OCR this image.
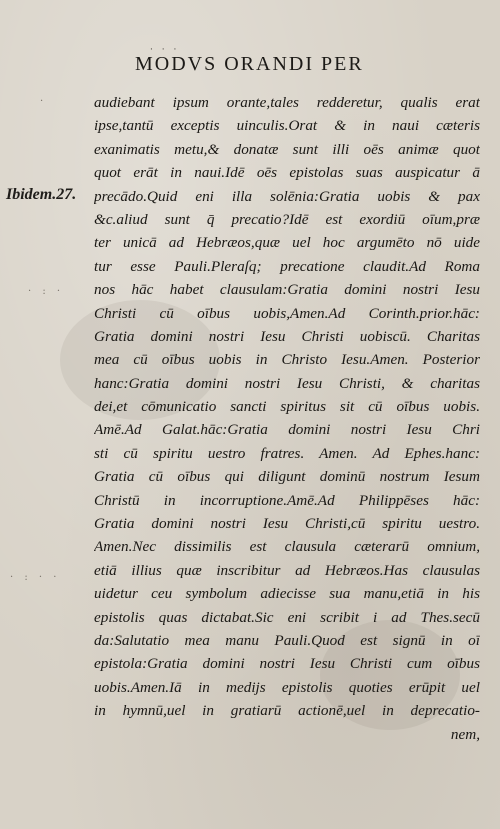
· · ·
· : ·
· : · ·
·
MODVS ORANDI PER
Ibidem.27.
audiebant ipsum orante,tales redderetur, qualis erat
ipse,tantū exceptis uinculis.Orat & in naui cæteris
exanimatis metu,& donatæ sunt illi oēs animæ quot
quot erāt in naui.Idē oēs epistolas suas auspicatur ā
precādo.Quid eni illa solēnia:Gratia uobis & pax
&c.aliud sunt q̄ precatio?Idē est exordiū oīum,præ
ter unicā ad Hebræos,quæ uel hoc argumēto nō uide
tur esse Pauli.Pleraſq; precatione claudit.Ad Roma
nos hāc habet clausulam:Gratia domini nostri Iesu
Christi cū oībus uobis,Amen.Ad Corinth.prior.hāc:
Gratia domini nostri Iesu Christi uobiscū. Charitas
mea cū oībus uobis in Christo Iesu.Amen. Posterior
hanc:Gratia domini nostri Iesu Christi, & charitas
dei,et cōmunicatio sancti spiritus sit cū oībus uobis.
Amē.Ad Galat.hāc:Gratia domini nostri Iesu Chri
sti cū spiritu uestro fratres. Amen. Ad Ephes.hanc:
Gratia cū oībus qui diligunt dominū nostrum Iesum
Christū in incorruptione.Amē.Ad Philippēses hāc:
Gratia domini nostri Iesu Christi,cū spiritu uestro.
Amen.Nec dissimilis est clausula cæterarū omnium,
etiā illius quæ inscribitur ad Hebræos.Has clausulas
uidetur ceu symbolum adiecisse sua manu,etiā in his
epistolis quas dictabat.Sic eni scribit i ad Thes.secū
da:Salutatio mea manu Pauli.Quod est signū in oī
epistola:Gratia domini nostri Iesu Christi cum oībus
uobis.Amen.Iā in medijs epistolis quoties erūpit uel
in hymnū,uel in gratiarū actionē,uel in deprecatio-
nem,
